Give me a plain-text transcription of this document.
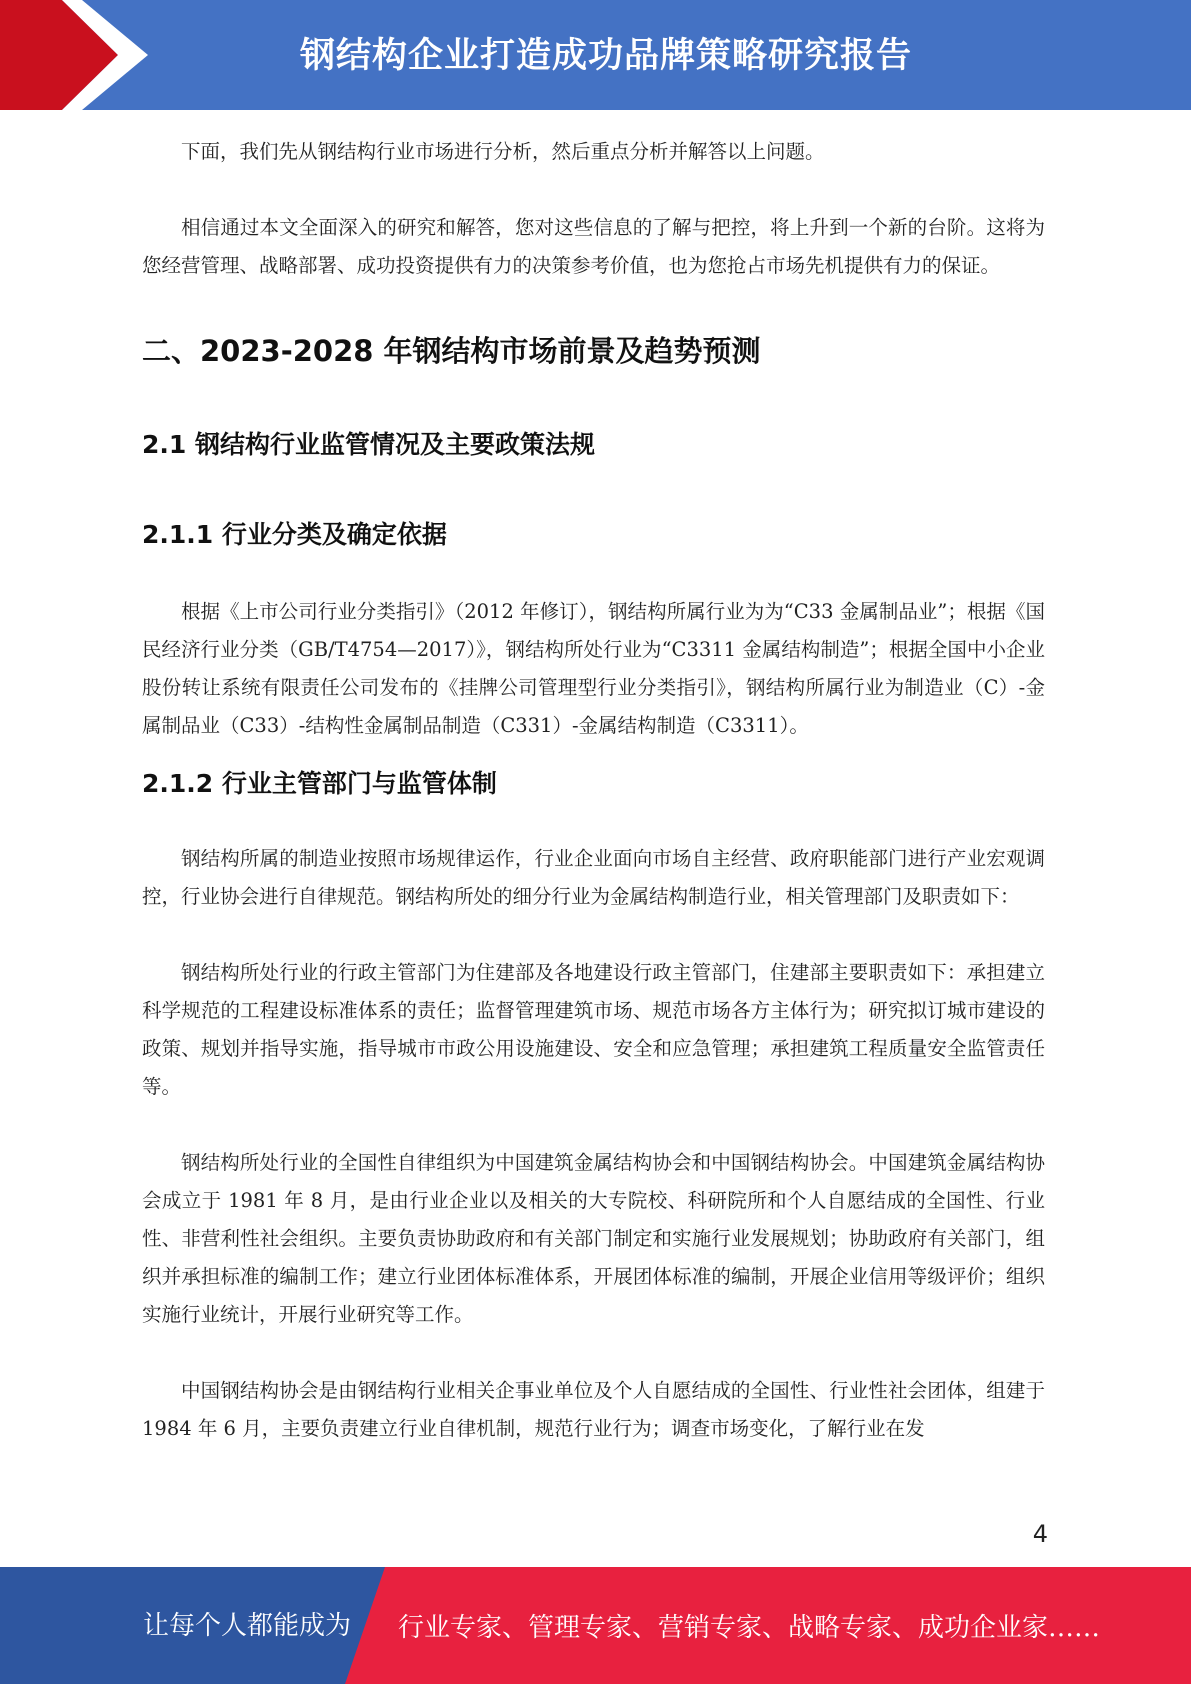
钢结构企业打造成功品牌策略研究报告

下面，我们先从钢结构行业市场进行分析，然后重点分析并解答以上问题。

相信通过本文全面深入的研究和解答，您对这些信息的了解与把控，将上升到一个新的台阶。这将为您经营管理、战略部署、成功投资提供有力的决策参考价值，也为您抢占市场先机提供有力的保证。

二、2023-2028 年钢结构市场前景及趋势预测
2.1 钢结构行业监管情况及主要政策法规
2.1.1 行业分类及确定依据

根据《上市公司行业分类指引》（2012 年修订），钢结构所属行业为为“C33 金属制品业”；根据《国民经济行业分类（GB/T4754—2017）》，钢结构所处行业为“C3311 金属结构制造”；根据全国中小企业股份转让系统有限责任公司发布的《挂牌公司管理型行业分类指引》，钢结构所属行业为制造业（C）-金属制品业（C33）-结构性金属制品制造（C331）-金属结构制造（C3311）。

2.1.2 行业主管部门与监管体制

钢结构所属的制造业按照市场规律运作，行业企业面向市场自主经营、政府职能部门进行产业宏观调控，行业协会进行自律规范。钢结构所处的细分行业为金属结构制造行业，相关管理部门及职责如下：

钢结构所处行业的行政主管部门为住建部及各地建设行政主管部门，住建部主要职责如下：承担建立科学规范的工程建设标准体系的责任；监督管理建筑市场、规范市场各方主体行为；研究拟订城市建设的政策、规划并指导实施，指导城市市政公用设施建设、安全和应急管理；承担建筑工程质量安全监管责任等。

钢结构所处行业的全国性自律组织为中国建筑金属结构协会和中国钢结构协会。中国建筑金属结构协会成立于 1981 年 8 月，是由行业企业以及相关的大专院校、科研院所和个人自愿结成的全国性、行业性、非营利性社会组织。主要负责协助政府和有关部门制定和实施行业发展规划；协助政府有关部门，组织并承担标准的编制工作；建立行业团体标准体系，开展团体标准的编制，开展企业信用等级评价；组织实施行业统计，开展行业研究等工作。

中国钢结构协会是由钢结构行业相关企事业单位及个人自愿结成的全国性、行业性社会团体，组建于 1984 年 6 月，主要负责建立行业自律机制，规范行业行为；调查市场变化，了解行业在发

4
让每个人都能成为 行业专家、管理专家、营销专家、战略专家、成功企业家……
